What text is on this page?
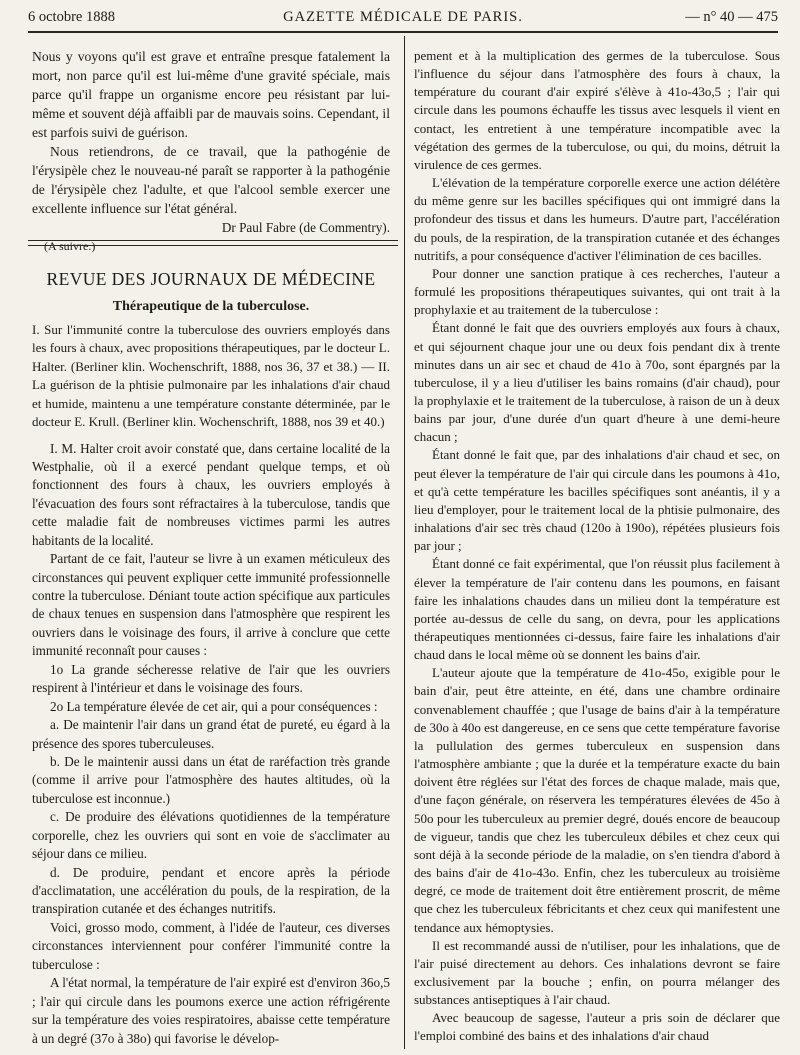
6 octobre 1888	GAZETTE MÉDICALE DE PARIS.	— n° 40 — 475

Nous y voyons qu'il est grave et entraîne presque fatalement la mort, non parce qu'il est lui-même d'une gravité spéciale, mais parce qu'il frappe un organisme encore peu résistant par lui-même et souvent déjà affaibli par de mauvais soins. Cependant, il est parfois suivi de guérison.

Nous retiendrons, de ce travail, que la pathogénie de l'érysipèle chez le nouveau-né paraît se rapporter à la pathogénie de l'érysipèle chez l'adulte, et que l'alcool semble exercer une excellente influence sur l'état général.

Dr Paul Fabre (de Commentry).
(A suivre.)
REVUE DES JOURNAUX DE MÉDECINE
Thérapeutique de la tuberculose.

I. Sur l'immunité contre la tuberculose des ouvriers employés dans les fours à chaux, avec propositions thérapeutiques, par le docteur L. Halter. (Berliner klin. Wochenschrift, 1888, nos 36, 37 et 38.) — II. La guérison de la phtisie pulmonaire par les inhalations d'air chaud et humide, maintenu a une température constante déterminée, par le docteur E. Krull. (Berliner klin. Wochenschrift, 1888, nos 39 et 40.)

I. M. Halter croit avoir constaté que, dans certaine localité de la Westphalie, où il a exercé pendant quelque temps, et où fonctionnent des fours à chaux, les ouvriers employés à l'évacuation des fours sont réfractaires à la tuberculose, tandis que cette maladie fait de nombreuses victimes parmi les autres habitants de la localité.

Partant de ce fait, l'auteur se livre à un examen méticuleux des circonstances qui peuvent expliquer cette immunité professionnelle contre la tuberculose. Déniant toute action spécifique aux particules de chaux tenues en suspension dans l'atmosphère que respirent les ouvriers dans le voisinage des fours, il arrive à conclure que cette immunité reconnaît pour causes :

1o La grande sécheresse relative de l'air que les ouvriers respirent à l'intérieur et dans le voisinage des fours.

2o La température élevée de cet air, qui a pour conséquences :

a. De maintenir l'air dans un grand état de pureté, eu égard à la présence des spores tuberculeuses.

b. De le maintenir aussi dans un état de raréfaction très grande (comme il arrive pour l'atmosphère des hautes altitudes, où la tuberculose est inconnue.)

c. De produire des élévations quotidiennes de la température corporelle, chez les ouvriers qui sont en voie de s'acclimater au séjour dans ce milieu.

d. De produire, pendant et encore après la période d'acclimatation, une accélération du pouls, de la respiration, de la transpiration cutanée et des échanges nutritifs.

Voici, grosso modo, comment, à l'idée de l'auteur, ces diverses circonstances interviennent pour conférer l'immunité contre la tuberculose :

A l'état normal, la température de l'air expiré est d'environ 36o,5 ; l'air qui circule dans les poumons exerce une action réfrigérente sur la température des voies respiratoires, abaisse cette température à un degré (37o à 38o) qui favorise le dévelop-

pement et à la multiplication des germes de la tuberculose. Sous l'influence du séjour dans l'atmosphère des fours à chaux, la température du courant d'air expiré s'élève à 41o-43o,5 ; l'air qui circule dans les poumons échauffe les tissus avec lesquels il vient en contact, les entretient à une température incompatible avec la végétation des germes de la tuberculose, ou qui, du moins, détruit la virulence de ces germes.

L'élévation de la température corporelle exerce une action délétère du même genre sur les bacilles spécifiques qui ont immigré dans la profondeur des tissus et dans les humeurs. D'autre part, l'accélération du pouls, de la respiration, de la transpiration cutanée et des échanges nutritifs, a pour conséquence d'activer l'élimination de ces bacilles.

Pour donner une sanction pratique à ces recherches, l'auteur a formulé les propositions thérapeutiques suivantes, qui ont trait à la prophylaxie et au traitement de la tuberculose :

Étant donné le fait que des ouvriers employés aux fours à chaux, et qui séjournent chaque jour une ou deux fois pendant dix à trente minutes dans un air sec et chaud de 41o à 70o, sont épargnés par la tuberculose, il y a lieu d'utiliser les bains romains (d'air chaud), pour la prophylaxie et le traitement de la tuberculose, à raison de un à deux bains par jour, d'une durée d'un quart d'heure à une demi-heure chacun ;

Étant donné le fait que, par des inhalations d'air chaud et sec, on peut élever la température de l'air qui circule dans les poumons à 41o, et qu'à cette température les bacilles spécifiques sont anéantis, il y a lieu d'employer, pour le traitement local de la phtisie pulmonaire, des inhalations d'air sec très chaud (120o à 190o), répétées plusieurs fois par jour ;

Étant donné ce fait expérimental, que l'on réussit plus facilement à élever la température de l'air contenu dans les poumons, en faisant faire les inhalations chaudes dans un milieu dont la température est portée au-dessus de celle du sang, on devra, pour les applications thérapeutiques mentionnées ci-dessus, faire faire les inhalations d'air chaud dans le local même où se donnent les bains d'air.

L'auteur ajoute que la température de 41o-45o, exigible pour le bain d'air, peut être atteinte, en été, dans une chambre ordinaire convenablement chauffée ; que l'usage de bains d'air à la température de 30o à 40o est dangereuse, en ce sens que cette température favorise la pullulation des germes tuberculeux en suspension dans l'atmosphère ambiante ; que la durée et la température exacte du bain doivent être réglées sur l'état des forces de chaque malade, mais que, d'une façon générale, on réservera les températures élevées de 45o à 50o pour les tuberculeux au premier degré, doués encore de beaucoup de vigueur, tandis que chez les tuberculeux débiles et chez ceux qui sont déjà à la seconde période de la maladie, on s'en tiendra d'abord à des bains d'air de 41o-43o. Enfin, chez les tuberculeux au troisième degré, ce mode de traitement doit être entièrement proscrit, de même que chez les tuberculeux fébricitants et chez ceux qui manifestent une tendance aux hémoptysies.

Il est recommandé aussi de n'utiliser, pour les inhalations, que de l'air puisé directement au dehors. Ces inhalations devront se faire exclusivement par la bouche ; enfin, on pourra mélanger des substances antiseptiques à l'air chaud.

Avec beaucoup de sagesse, l'auteur a pris soin de déclarer que l'emploi combiné des bains et des inhalations d'air chaud
